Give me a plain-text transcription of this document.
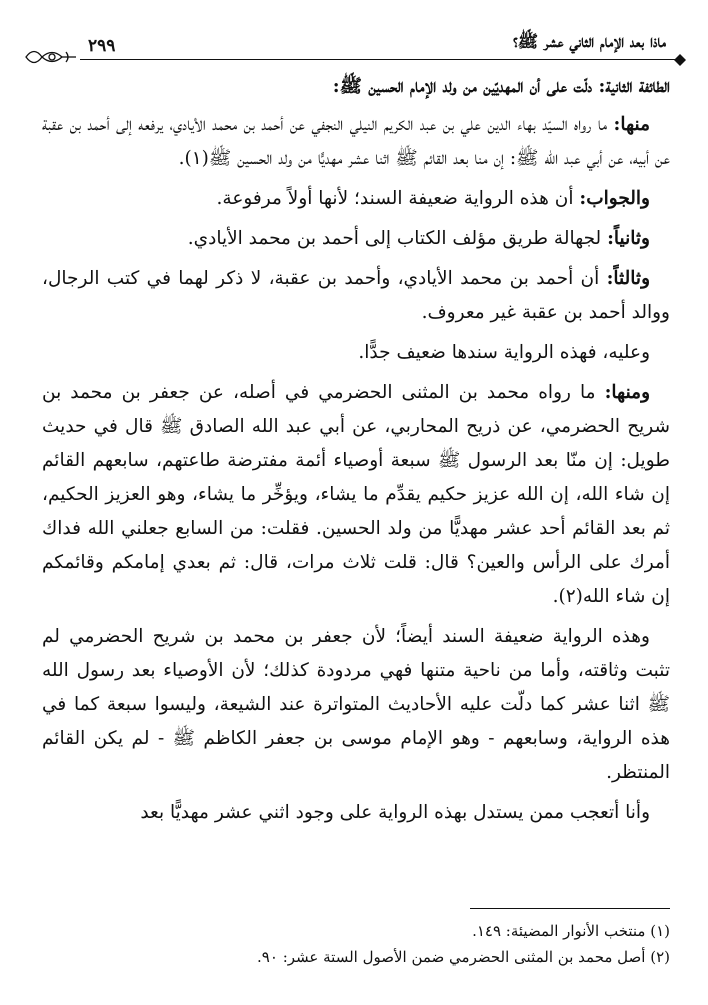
ماذا بعد الإمام الثاني عشر ﷺ؟
٢٩٩

الطائفة الثانية: دلّت على أن المهديّين من ولد الإمام الحسين ﷺ:

منها: ما رواه السيّد بهاء الدين علي بن عبد الكريم النيلي النجفي عن أحمد بن محمد الأيادي، يرفعه إلى أحمد بن عقبة عن أبيه، عن أبي عبد الله ﷺ: إن منا بعد القائم ﷺ اثنا عشر مهديًّا من ولد الحسين ﷺ(١).

والجواب: أن هذه الرواية ضعيفة السند؛ لأنها أولاً مرفوعة.

وثانياً: لجهالة طريق مؤلف الكتاب إلى أحمد بن محمد الأيادي.

وثالثاً: أن أحمد بن محمد الأيادي، وأحمد بن عقبة، لا ذكر لهما في كتب الرجال، ووالد أحمد بن عقبة غير معروف.

وعليه، فهذه الرواية سندها ضعيف جدًّا.

ومنها: ما رواه محمد بن المثنى الحضرمي في أصله، عن جعفر بن محمد بن شريح الحضرمي، عن ذريح المحاربي، عن أبي عبد الله الصادق ﷺ قال في حديث طويل: إن منّا بعد الرسول ﷺ سبعة أوصياء أئمة مفترضة طاعتهم، سابعهم القائم إن شاء الله، إن الله عزيز حكيم يقدِّم ما يشاء، ويؤخِّر ما يشاء، وهو العزيز الحكيم، ثم بعد القائم أحد عشر مهديًّا من ولد الحسين. فقلت: من السابع جعلني الله فداك أمرك على الرأس والعين؟ قال: قلت ثلاث مرات، قال: ثم بعدي إمامكم وقائمكم إن شاء الله(٢).

وهذه الرواية ضعيفة السند أيضاً؛ لأن جعفر بن محمد بن شريح الحضرمي لم تثبت وثاقته، وأما من ناحية متنها فهي مردودة كذلك؛ لأن الأوصياء بعد رسول الله ﷺ اثنا عشر كما دلّت عليه الأحاديث المتواترة عند الشيعة، وليسوا سبعة كما في هذه الرواية، وسابعهم - وهو الإمام موسى بن جعفر الكاظم ﷺ - لم يكن القائم المنتظر.

وأنا أتعجب ممن يستدل بهذه الرواية على وجود اثني عشر مهديًّا بعد

(١) منتخب الأنوار المضيئة: ١٤٩.

(٢) أصل محمد بن المثنى الحضرمي ضمن الأصول الستة عشر: ٩٠.
